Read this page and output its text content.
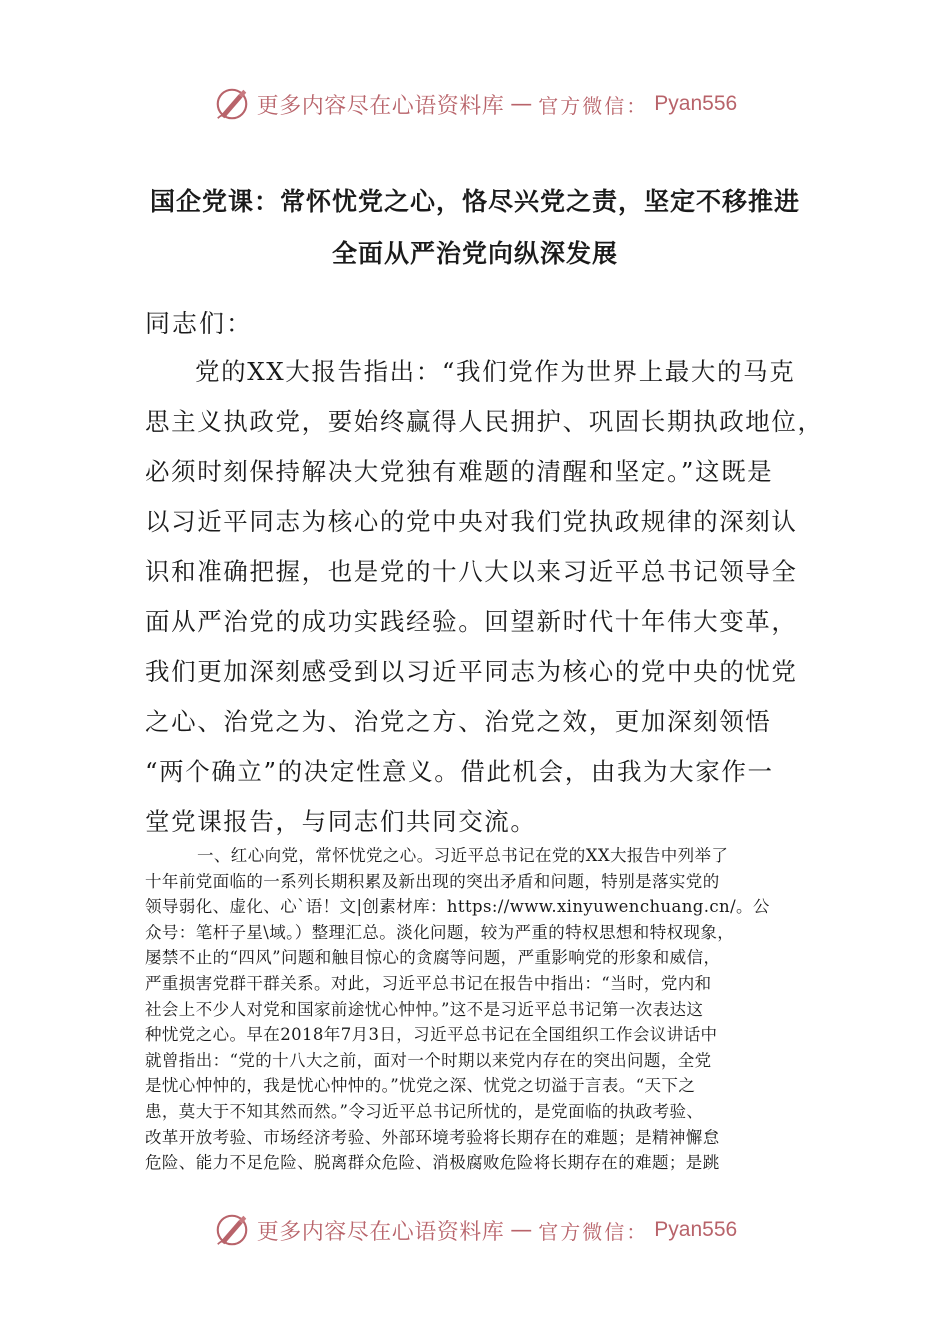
更多内容尽在心语资料库 — 官方微信： Pyan556
国企党课：常怀忧党之心，恪尽兴党之责，坚定不移推进
全面从严治党向纵深发展
同志们：
党的XX大报告指出：“我们党作为世界上最大的马克
思主义执政党，要始终赢得人民拥护、巩固长期执政地位，
必须时刻保持解决大党独有难题的清醒和坚定。”这既是
以习近平同志为核心的党中央对我们党执政规律的深刻认
识和准确把握，也是党的十八大以来习近平总书记领导全
面从严治党的成功实践经验。回望新时代十年伟大变革，
我们更加深刻感受到以习近平同志为核心的党中央的忧党
之心、治党之为、治党之方、治党之效，更加深刻领悟
“两个确立”的决定性意义。借此机会，由我为大家作一
堂党课报告，与同志们共同交流。
一、红心向党，常怀忧党之心。习近平总书记在党的XX大报告中列举了
十年前党面临的一系列长期积累及新出现的突出矛盾和问题，特别是落实党的
领导弱化、虚化、心`语！文|创素材库：https://www.xinyuwenchuang.cn/。公
众号：笔杆子星\域。）整理汇总。淡化问题，较为严重的特权思想和特权现象，
屡禁不止的“四风”问题和触目惊心的贪腐等问题，严重影响党的形象和威信，
严重损害党群干群关系。对此，习近平总书记在报告中指出：“当时，党内和
社会上不少人对党和国家前途忧心忡忡。”这不是习近平总书记第一次表达这
种忧党之心。早在2018年7月3日，习近平总书记在全国组织工作会议讲话中
就曾指出：“党的十八大之前，面对一个时期以来党内存在的突出问题，全党
是忧心忡忡的，我是忧心忡忡的。”忧党之深、忧党之切溢于言表。“天下之
患，莫大于不知其然而然。”令习近平总书记所忧的，是党面临的执政考验、
改革开放考验、市场经济考验、外部环境考验将长期存在的难题；是精神懈怠
危险、能力不足危险、脱离群众危险、消极腐败危险将长期存在的难题；是跳
更多内容尽在心语资料库 — 官方微信： Pyan556
